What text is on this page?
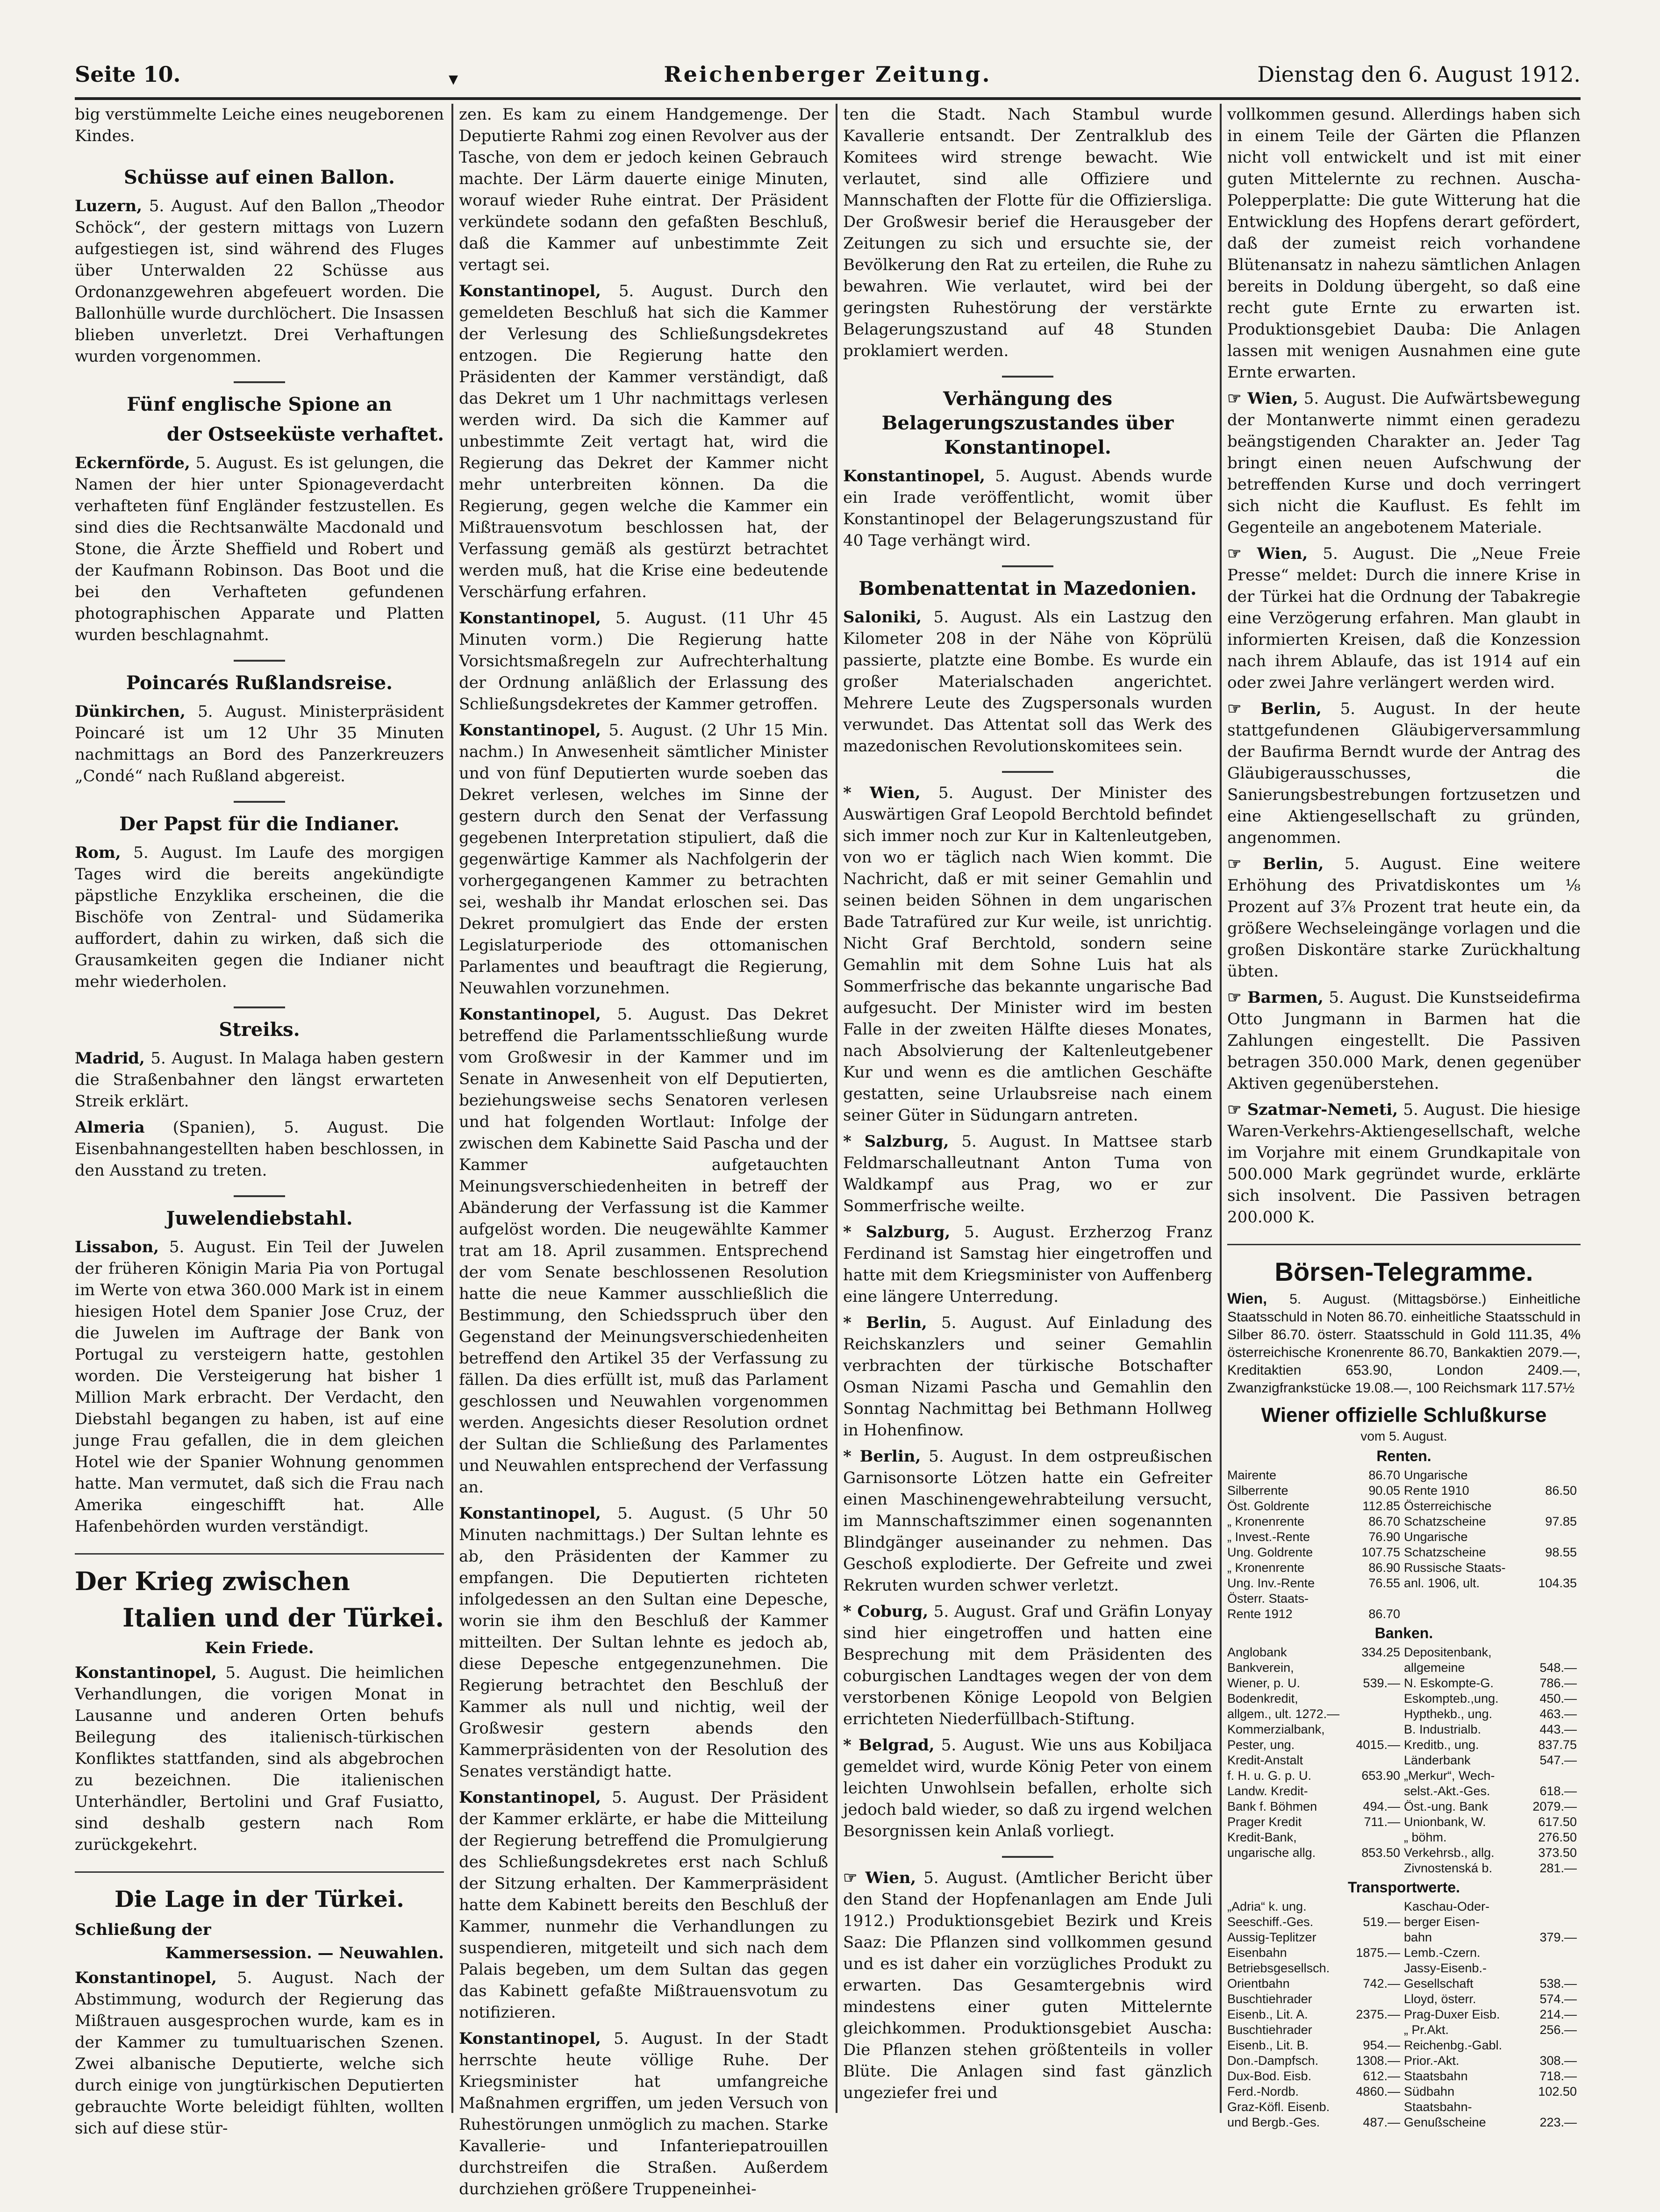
Seite 10.	▾	Reichenberger Zeitung.	Dienstag den 6. August 1912.

big verstümmelte Leiche eines neugeborenen Kindes.

Schüsse auf einen Ballon.

Luzern, 5. August. Auf den Ballon „Theodor Schöck“, der gestern mittags von Luzern aufgestiegen ist, sind während des Fluges über Unterwalden 22 Schüsse aus Ordonanzgewehren abgefeuert worden. Die Ballonhülle wurde durchlöchert. Die Insassen blieben unverletzt. Drei Verhaftungen wurden vorgenommen.

Fünf englische Spione an
der Ostseeküste verhaftet.

Eckernförde, 5. August. Es ist gelungen, die Namen der hier unter Spionageverdacht verhafteten fünf Engländer festzustellen. Es sind dies die Rechtsanwälte Macdonald und Stone, die Ärzte Sheffield und Robert und der Kaufmann Robinson. Das Boot und die bei den Verhafteten gefundenen photographischen Apparate und Platten wurden beschlagnahmt.

Poincarés Rußlandsreise.

Dünkirchen, 5. August. Ministerpräsident Poincaré ist um 12 Uhr 35 Minuten nachmittags an Bord des Panzerkreuzers „Condé“ nach Rußland abgereist.

Der Papst für die Indianer.

Rom, 5. August. Im Laufe des morgigen Tages wird die bereits angekündigte päpstliche Enzyklika erscheinen, die die Bischöfe von Zentral- und Südamerika auffordert, dahin zu wirken, daß sich die Grausamkeiten gegen die Indianer nicht mehr wiederholen.

Streiks.

Madrid, 5. August. In Malaga haben gestern die Straßenbahner den längst erwarteten Streik erklärt.

Almeria (Spanien), 5. August. Die Eisenbahnangestellten haben beschlossen, in den Ausstand zu treten.

Juwelendiebstahl.

Lissabon, 5. August. Ein Teil der Juwelen der früheren Königin Maria Pia von Portugal im Werte von etwa 360.000 Mark ist in einem hiesigen Hotel dem Spanier Jose Cruz, der die Juwelen im Auftrage der Bank von Portugal zu versteigern hatte, gestohlen worden. Die Versteigerung hat bisher 1 Million Mark erbracht. Der Verdacht, den Diebstahl begangen zu haben, ist auf eine junge Frau gefallen, die in dem gleichen Hotel wie der Spanier Wohnung genommen hatte. Man vermutet, daß sich die Frau nach Amerika eingeschifft hat. Alle Hafenbehörden wurden verständigt.

Der Krieg zwischen
Italien und der Türkei.
Kein Friede.

Konstantinopel, 5. August. Die heimlichen Verhandlungen, die vorigen Monat in Lausanne und anderen Orten behufs Beilegung des italienisch-türkischen Konfliktes stattfanden, sind als abgebrochen zu bezeichnen. Die italienischen Unterhändler, Bertolini und Graf Fusiatto, sind deshalb gestern nach Rom zurückgekehrt.

Die Lage in der Türkei.
Schließung der
Kammersession. — Neuwahlen.

Konstantinopel, 5. August. Nach der Abstimmung, wodurch der Regierung das Mißtrauen ausgesprochen wurde, kam es in der Kammer zu tumultuarischen Szenen. Zwei albanische Deputierte, welche sich durch einige von jungtürkischen Deputierten gebrauchte Worte beleidigt fühlten, wollten sich auf diese stür-

zen. Es kam zu einem Handgemenge. Der Deputierte Rahmi zog einen Revolver aus der Tasche, von dem er jedoch keinen Gebrauch machte. Der Lärm dauerte einige Minuten, worauf wieder Ruhe eintrat. Der Präsident verkündete sodann den gefaßten Beschluß, daß die Kammer auf unbestimmte Zeit vertagt sei.

Konstantinopel, 5. August. Durch den gemeldeten Beschluß hat sich die Kammer der Verlesung des Schließungsdekretes entzogen. Die Regierung hatte den Präsidenten der Kammer verständigt, daß das Dekret um 1 Uhr nachmittags verlesen werden wird. Da sich die Kammer auf unbestimmte Zeit vertagt hat, wird die Regierung das Dekret der Kammer nicht mehr unterbreiten können. Da die Regierung, gegen welche die Kammer ein Mißtrauensvotum beschlossen hat, der Verfassung gemäß als gestürzt betrachtet werden muß, hat die Krise eine bedeutende Verschärfung erfahren.

Konstantinopel, 5. August. (11 Uhr 45 Minuten vorm.) Die Regierung hatte Vorsichtsmaßregeln zur Aufrechterhaltung der Ordnung anläßlich der Erlassung des Schließungsdekretes der Kammer getroffen.

Konstantinopel, 5. August. (2 Uhr 15 Min. nachm.) In Anwesenheit sämtlicher Minister und von fünf Deputierten wurde soeben das Dekret verlesen, welches im Sinne der gestern durch den Senat der Verfassung gegebenen Interpretation stipuliert, daß die gegenwärtige Kammer als Nachfolgerin der vorhergegangenen Kammer zu betrachten sei, weshalb ihr Mandat erloschen sei. Das Dekret promulgiert das Ende der ersten Legislaturperiode des ottomanischen Parlamentes und beauftragt die Regierung, Neuwahlen vorzunehmen.

Konstantinopel, 5. August. Das Dekret betreffend die Parlamentsschließung wurde vom Großwesir in der Kammer und im Senate in Anwesenheit von elf Deputierten, beziehungsweise sechs Senatoren verlesen und hat folgenden Wortlaut: Infolge der zwischen dem Kabinette Said Pascha und der Kammer aufgetauchten Meinungsverschiedenheiten in betreff der Abänderung der Verfassung ist die Kammer aufgelöst worden. Die neugewählte Kammer trat am 18. April zusammen. Entsprechend der vom Senate beschlossenen Resolution hatte die neue Kammer ausschließlich die Bestimmung, den Schiedsspruch über den Gegenstand der Meinungsverschiedenheiten betreffend den Artikel 35 der Verfassung zu fällen. Da dies erfüllt ist, muß das Parlament geschlossen und Neuwahlen vorgenommen werden. Angesichts dieser Resolution ordnet der Sultan die Schließung des Parlamentes und Neuwahlen entsprechend der Verfassung an.

Konstantinopel, 5. August. (5 Uhr 50 Minuten nachmittags.) Der Sultan lehnte es ab, den Präsidenten der Kammer zu empfangen. Die Deputierten richteten infolgedessen an den Sultan eine Depesche, worin sie ihm den Beschluß der Kammer mitteilten. Der Sultan lehnte es jedoch ab, diese Depesche entgegenzunehmen. Die Regierung betrachtet den Beschluß der Kammer als null und nichtig, weil der Großwesir gestern abends den Kammerpräsidenten von der Resolution des Senates verständigt hatte.

Konstantinopel, 5. August. Der Präsident der Kammer erklärte, er habe die Mitteilung der Regierung betreffend die Promulgierung des Schließungsdekretes erst nach Schluß der Sitzung erhalten. Der Kammerpräsident hatte dem Kabinett bereits den Beschluß der Kammer, nunmehr die Verhandlungen zu suspendieren, mitgeteilt und sich nach dem Palais begeben, um dem Sultan das gegen das Kabinett gefaßte Mißtrauensvotum zu notifizieren.

Konstantinopel, 5. August. In der Stadt herrschte heute völlige Ruhe. Der Kriegsminister hat umfangreiche Maßnahmen ergriffen, um jeden Versuch von Ruhestörungen unmöglich zu machen. Starke Kavallerie- und Infanteriepatrouillen durchstreifen die Straßen. Außerdem durchziehen größere Truppeneinhei-

ten die Stadt. Nach Stambul wurde Kavallerie entsandt. Der Zentralklub des Komitees wird strenge bewacht. Wie verlautet, sind alle Offiziere und Mannschaften der Flotte für die Offiziersliga. Der Großwesir berief die Herausgeber der Zeitungen zu sich und ersuchte sie, der Bevölkerung den Rat zu erteilen, die Ruhe zu bewahren. Wie verlautet, wird bei der geringsten Ruhestörung der verstärkte Belagerungszustand auf 48 Stunden proklamiert werden.

Verhängung des Belagerungszustandes über Konstantinopel.

Konstantinopel, 5. August. Abends wurde ein Irade veröffentlicht, womit über Konstantinopel der Belagerungszustand für 40 Tage verhängt wird.

Bombenattentat in Mazedonien.

Saloniki, 5. August. Als ein Lastzug den Kilometer 208 in der Nähe von Köprülü passierte, platzte eine Bombe. Es wurde ein großer Materialschaden angerichtet. Mehrere Leute des Zugspersonals wurden verwundet. Das Attentat soll das Werk des mazedonischen Revolutionskomitees sein.

* Wien, 5. August. Der Minister des Auswärtigen Graf Leopold Berchtold befindet sich immer noch zur Kur in Kaltenleutgeben, von wo er täglich nach Wien kommt. Die Nachricht, daß er mit seiner Gemahlin und seinen beiden Söhnen in dem ungarischen Bade Tatrafüred zur Kur weile, ist unrichtig. Nicht Graf Berchtold, sondern seine Gemahlin mit dem Sohne Luis hat als Sommerfrische das bekannte ungarische Bad aufgesucht. Der Minister wird im besten Falle in der zweiten Hälfte dieses Monates, nach Absolvierung der Kaltenleutgebener Kur und wenn es die amtlichen Geschäfte gestatten, seine Urlaubsreise nach einem seiner Güter in Südungarn antreten.

* Salzburg, 5. August. In Mattsee starb Feldmarschalleutnant Anton Tuma von Waldkampf aus Prag, wo er zur Sommerfrische weilte.

* Salzburg, 5. August. Erzherzog Franz Ferdinand ist Samstag hier eingetroffen und hatte mit dem Kriegsminister von Auffenberg eine längere Unterredung.

* Berlin, 5. August. Auf Einladung des Reichskanzlers und seiner Gemahlin verbrachten der türkische Botschafter Osman Nizami Pascha und Gemahlin den Sonntag Nachmittag bei Bethmann Hollweg in Hohenfinow.

* Berlin, 5. August. In dem ostpreußischen Garnisonsorte Lötzen hatte ein Gefreiter einen Maschinengewehrabteilung versucht, im Mannschaftszimmer einen sogenannten Blindgänger auseinander zu nehmen. Das Geschoß explodierte. Der Gefreite und zwei Rekruten wurden schwer verletzt.

* Coburg, 5. August. Graf und Gräfin Lonyay sind hier eingetroffen und hatten eine Besprechung mit dem Präsidenten des coburgischen Landtages wegen der von dem verstorbenen Könige Leopold von Belgien errichteten Niederfüllbach-Stiftung.

* Belgrad, 5. August. Wie uns aus Kobiljaca gemeldet wird, wurde König Peter von einem leichten Unwohlsein befallen, erholte sich jedoch bald wieder, so daß zu irgend welchen Besorgnissen kein Anlaß vorliegt.

☞ Wien, 5. August. (Amtlicher Bericht über den Stand der Hopfenanlagen am Ende Juli 1912.) Produktionsgebiet Bezirk und Kreis Saaz: Die Pflanzen sind vollkommen gesund und es ist daher ein vorzügliches Produkt zu erwarten. Das Gesamtergebnis wird mindestens einer guten Mittelernte gleichkommen. Produktionsgebiet Auscha: Die Pflanzen stehen größtenteils in voller Blüte. Die Anlagen sind fast gänzlich ungeziefer frei und

vollkommen gesund. Allerdings haben sich in einem Teile der Gärten die Pflanzen nicht voll entwickelt und ist mit einer guten Mittelernte zu rechnen. Auscha-Polepperplatte: Die gute Witterung hat die Entwicklung des Hopfens derart gefördert, daß der zumeist reich vorhandene Blütenansatz in nahezu sämtlichen Anlagen bereits in Doldung übergeht, so daß eine recht gute Ernte zu erwarten ist. Produktionsgebiet Dauba: Die Anlagen lassen mit wenigen Ausnahmen eine gute Ernte erwarten.

☞ Wien, 5. August. Die Aufwärtsbewegung der Montanwerte nimmt einen geradezu beängstigenden Charakter an. Jeder Tag bringt einen neuen Aufschwung der betreffenden Kurse und doch verringert sich nicht die Kauflust. Es fehlt im Gegenteile an angebotenem Materiale.

☞ Wien, 5. August. Die „Neue Freie Presse“ meldet: Durch die innere Krise in der Türkei hat die Ordnung der Tabakregie eine Verzögerung erfahren. Man glaubt in informierten Kreisen, daß die Konzession nach ihrem Ablaufe, das ist 1914 auf ein oder zwei Jahre verlängert werden wird.

☞ Berlin, 5. August. In der heute stattgefundenen Gläubigerversammlung der Baufirma Berndt wurde der Antrag des Gläubigerausschusses, die Sanierungsbestrebungen fortzusetzen und eine Aktiengesellschaft zu gründen, angenommen.

☞ Berlin, 5. August. Eine weitere Erhöhung des Privatdiskontes um ⅛ Prozent auf 3⅞ Prozent trat heute ein, da größere Wechseleingänge vorlagen und die großen Diskontäre starke Zurückhaltung übten.

☞ Barmen, 5. August. Die Kunstseidefirma Otto Jungmann in Barmen hat die Zahlungen eingestellt. Die Passiven betragen 350.000 Mark, denen gegenüber Aktiven gegenüberstehen.

☞ Szatmar-Nemeti, 5. August. Die hiesige Waren-Verkehrs-Aktiengesellschaft, welche im Vorjahre mit einem Grundkapitale von 500.000 Mark gegründet wurde, erklärte sich insolvent. Die Passiven betragen 200.000 K.

Börsen-Telegramme.

Wien, 5. August. (Mittagsbörse.) Einheitliche Staatsschuld in Noten 86.70. einheitliche Staatsschuld in Silber 86.70. österr. Staatsschuld in Gold 111.35, 4% österreichische Kronenrente 86.70, Bankaktien 2079.—, Kreditaktien 653.90, London 2409.—, Zwanzigfrankstücke 19.08.—, 100 Reichsmark 117.57½

Wiener offizielle Schlußkurse
vom 5. August.
Renten.
Mairente	86.70	Ungarische	
Silberrente	90.05	Rente 1910	86.50
Öst. Goldrente	112.85	Österreichische	
„ Kronenrente	86.70	Schatzscheine	97.85
„ Invest.-Rente	76.90	Ungarische	
Ung. Goldrente	107.75	Schatzscheine	98.55
„ Kronenrente	86.90	Russische Staats-	
Ung. Inv.-Rente	76.55	anl. 1906, ult.	104.35
Österr. Staats-			
Rente 1912	86.70		
Banken.
Anglobank	334.25	Depositenbank,	
Bankverein,		allgemeine	548.—
Wiener, p. U.	539.—	N. Eskompte-G.	786.—
Bodenkredit,		Eskompteb.,ung.	450.—
allgem., ult. 1272.—		Hypthekb., ung.	463.—
Kommerzialbank,		B. Industrialb.	443.—
Pester, ung.	4015.—	Kreditb., ung.	837.75
Kredit-Anstalt		Länderbank	547.—
f. H. u. G. p. U.	653.90	„Merkur“, Wech-	
Landw. Kredit-		selst.-Akt.-Ges.	618.—
Bank f. Böhmen	494.—	Öst.-ung. Bank	2079.—
Prager Kredit	711.—	Unionbank, W.	617.50
Kredit-Bank,		„ böhm.	276.50
ungarische allg.	853.50	Verkehrsb., allg.	373.50
		Zivnostenská b.	281.—
Transportwerte.
„Adria“ k. ung.		Kaschau-Oder-	
Seeschiff.-Ges.	519.—	berger Eisen-	
Aussig-Teplitzer		bahn	379.—
Eisenbahn	1875.—	Lemb.-Czern.	
Betriebsgesellsch.		Jassy-Eisenb.-	
Orientbahn	742.—	Gesellschaft	538.—
Buschtiehrader		Lloyd, österr.	574.—
Eisenb., Lit. A.	2375.—	Prag-Duxer Eisb.	214.—
Buschtiehrader		„ Pr.Akt.	256.—
Eisenb., Lit. B.	954.—	Reichenbg.-Gabl.	
Don.-Dampfsch.	1308.—	Prior.-Akt.	308.—
Dux-Bod. Eisb.	612.—	Staatsbahn	718.—
Ferd.-Nordb.	4860.—	Südbahn	102.50
Graz-Köfl. Eisenb.		Staatsbahn-	
und Bergb.-Ges.	487.—	Genußscheine	223.—
